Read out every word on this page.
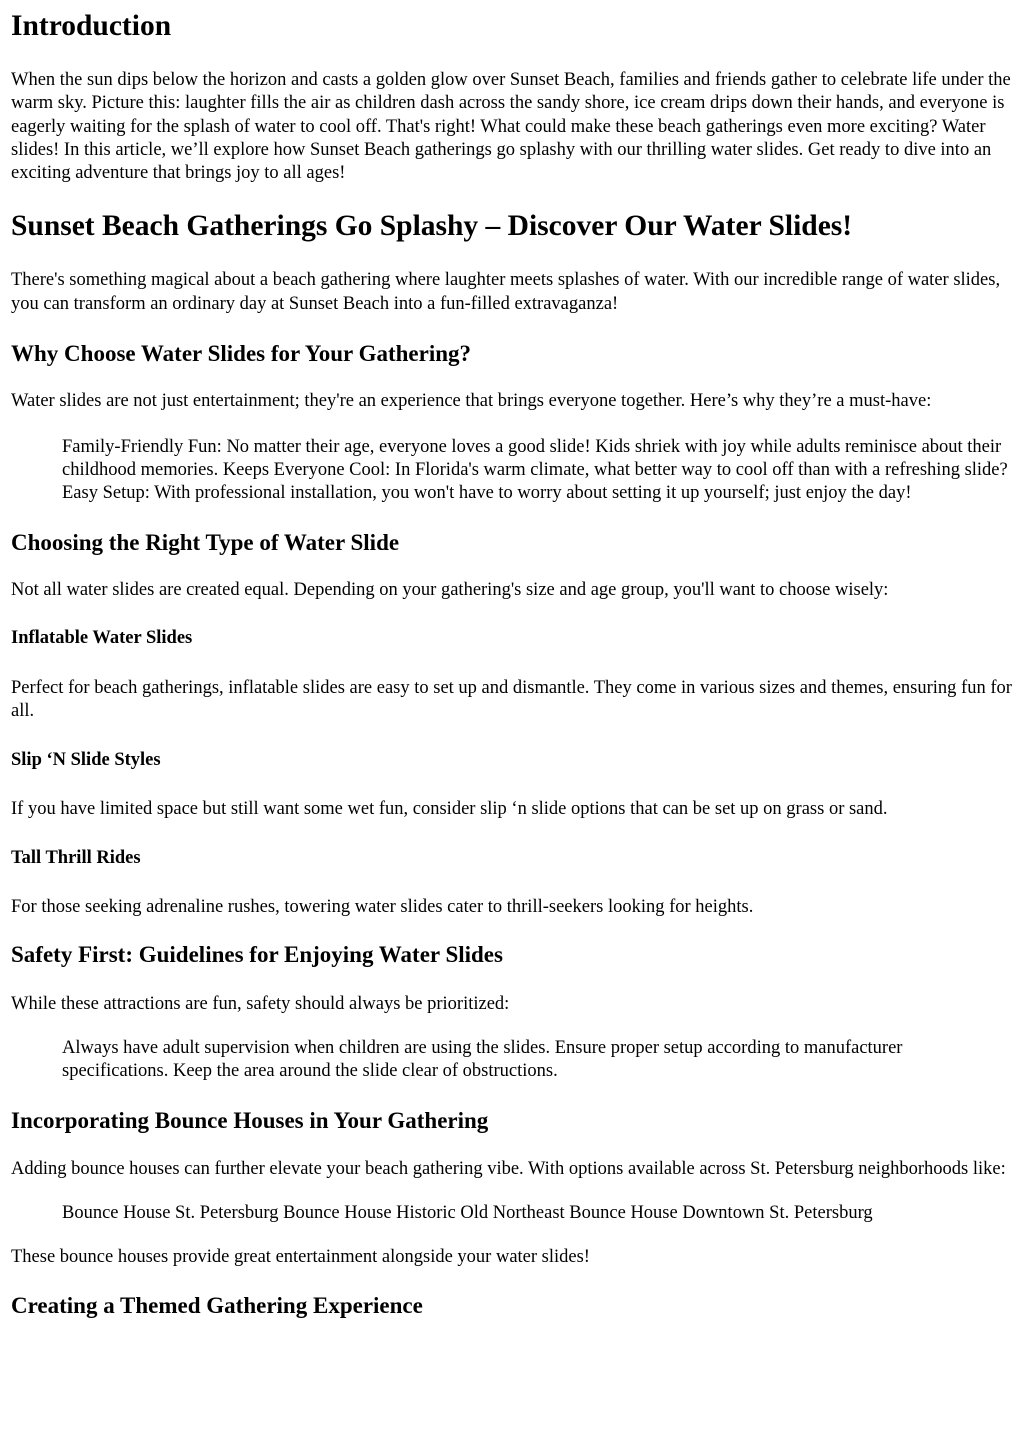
Introduction

When the sun dips below the horizon and casts a golden glow over Sunset Beach, families and friends gather to celebrate life under the warm sky. Picture this: laughter fills the air as children dash across the sandy shore, ice cream drips down their hands, and everyone is eagerly waiting for the splash of water to cool off. That's right! What could make these beach gatherings even more exciting? Water slides! In this article, we’ll explore how Sunset Beach gatherings go splashy with our thrilling water slides. Get ready to dive into an exciting adventure that brings joy to all ages!

Sunset Beach Gatherings Go Splashy – Discover Our Water Slides!

There's something magical about a beach gathering where laughter meets splashes of water. With our incredible range of water slides, you can transform an ordinary day at Sunset Beach into a fun-filled extravaganza!

Why Choose Water Slides for Your Gathering?

Water slides are not just entertainment; they're an experience that brings everyone together. Here’s why they’re a must-have:

Family-Friendly Fun: No matter their age, everyone loves a good slide! Kids shriek with joy while adults reminisce about their childhood memories. Keeps Everyone Cool: In Florida's warm climate, what better way to cool off than with a refreshing slide? Easy Setup: With professional installation, you won't have to worry about setting it up yourself; just enjoy the day!
Choosing the Right Type of Water Slide

Not all water slides are created equal. Depending on your gathering's size and age group, you'll want to choose wisely:

Inflatable Water Slides

Perfect for beach gatherings, inflatable slides are easy to set up and dismantle. They come in various sizes and themes, ensuring fun for all.

Slip ‘N Slide Styles

If you have limited space but still want some wet fun, consider slip ‘n slide options that can be set up on grass or sand.

Tall Thrill Rides

For those seeking adrenaline rushes, towering water slides cater to thrill-seekers looking for heights.

Safety First: Guidelines for Enjoying Water Slides

While these attractions are fun, safety should always be prioritized:

Always have adult supervision when children are using the slides. Ensure proper setup according to manufacturer specifications. Keep the area around the slide clear of obstructions.
Incorporating Bounce Houses in Your Gathering

Adding bounce houses can further elevate your beach gathering vibe. With options available across St. Petersburg neighborhoods like:

Bounce House St. Petersburg Bounce House Historic Old Northeast Bounce House Downtown St. Petersburg

These bounce houses provide great entertainment alongside your water slides!

Creating a Themed Gathering Experience
